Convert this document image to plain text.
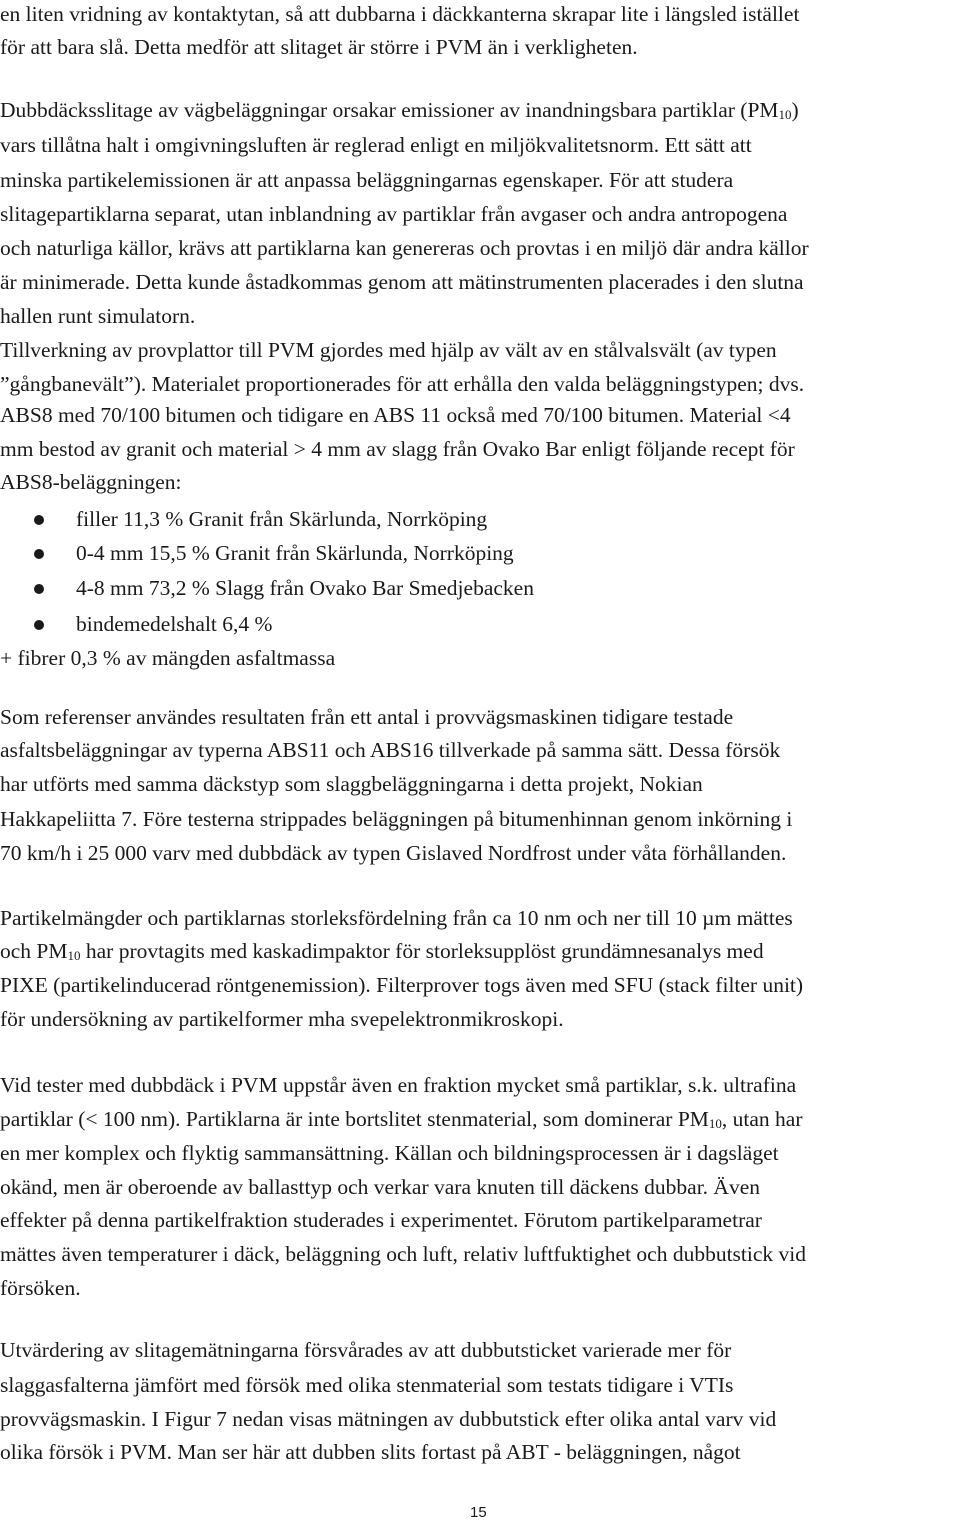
en liten vridning av kontaktytan, så att dubbarna i däckkanterna skrapar lite i längsled istället
för att bara slå. Detta medför att slitaget är större i PVM än i verkligheten.
Dubbdäcksslitage av vägbeläggningar orsakar emissioner av inandningsbara partiklar (PM10)
vars tillåtna halt i omgivningsluften är reglerad enligt en miljökvalitetsnorm. Ett sätt att
minska partikelemissionen är att anpassa beläggningarnas egenskaper. För att studera
slitagepartiklarna separat, utan inblandning av partiklar från avgaser och andra antropogena
och naturliga källor, krävs att partiklarna kan genereras och provtas i en miljö där andra källor
är minimerade. Detta kunde åstadkommas genom att mätinstrumenten placerades i den slutna
hallen runt simulatorn.
Tillverkning av provplattor till PVM gjordes med hjälp av vält av en stålvalsvält (av typen
”gångbanevält”). Materialet proportionerades för att erhålla den valda beläggningstypen; dvs.
ABS8 med 70/100 bitumen och tidigare en ABS 11 också med 70/100 bitumen. Material <4
mm bestod av granit och material > 4 mm av slagg från Ovako Bar enligt följande recept för
ABS8-beläggningen:
filler 11,3 % Granit från Skärlunda, Norrköping
0-4 mm 15,5 % Granit från Skärlunda, Norrköping
4-8 mm 73,2 % Slagg från Ovako Bar Smedjebacken
bindemedelshalt 6,4 %
+ fibrer 0,3 % av mängden asfaltmassa
Som referenser användes resultaten från ett antal i provvägsmaskinen tidigare testade
asfaltsbeläggningar av typerna ABS11 och ABS16 tillverkade på samma sätt. Dessa försök
har utförts med samma däckstyp som slaggbeläggningarna i detta projekt, Nokian
Hakkapeliitta 7. Före testerna strippades beläggningen på bitumenhinnan genom inkörning i
70 km/h i 25 000 varv med dubbdäck av typen Gislaved Nordfrost under våta förhållanden.
Partikelmängder och partiklarnas storleksfördelning från ca 10 nm och ner till 10 µm mättes
och PM10 har provtagits med kaskadimpaktor för storleksupplöst grundämnesanalys med
PIXE (partikelinducerad röntgenemission). Filterprover togs även med SFU (stack filter unit)
för undersökning av partikelformer mha svepelektronmikroskopi.
Vid tester med dubbdäck i PVM uppstår även en fraktion mycket små partiklar, s.k. ultrafina
partiklar (< 100 nm). Partiklarna är inte bortslitet stenmaterial, som dominerar PM10, utan har
en mer komplex och flyktig sammansättning. Källan och bildningsprocessen är i dagsläget
okänd, men är oberoende av ballasttyp och verkar vara knuten till däckens dubbar. Även
effekter på denna partikelfraktion studerades i experimentet. Förutom partikelparametrar
mättes även temperaturer i däck, beläggning och luft, relativ luftfuktighet och dubbutstick vid
försöken.
Utvärdering av slitagemätningarna försvårades av att dubbutsticket varierade mer för
slaggasfalterna jämfört med försök med olika stenmaterial som testats tidigare i VTIs
provvägsmaskin. I Figur 7 nedan visas mätningen av dubbutstick efter olika antal varv vid
olika försök i PVM. Man ser här att dubben slits fortast på ABT - beläggningen, något
15
